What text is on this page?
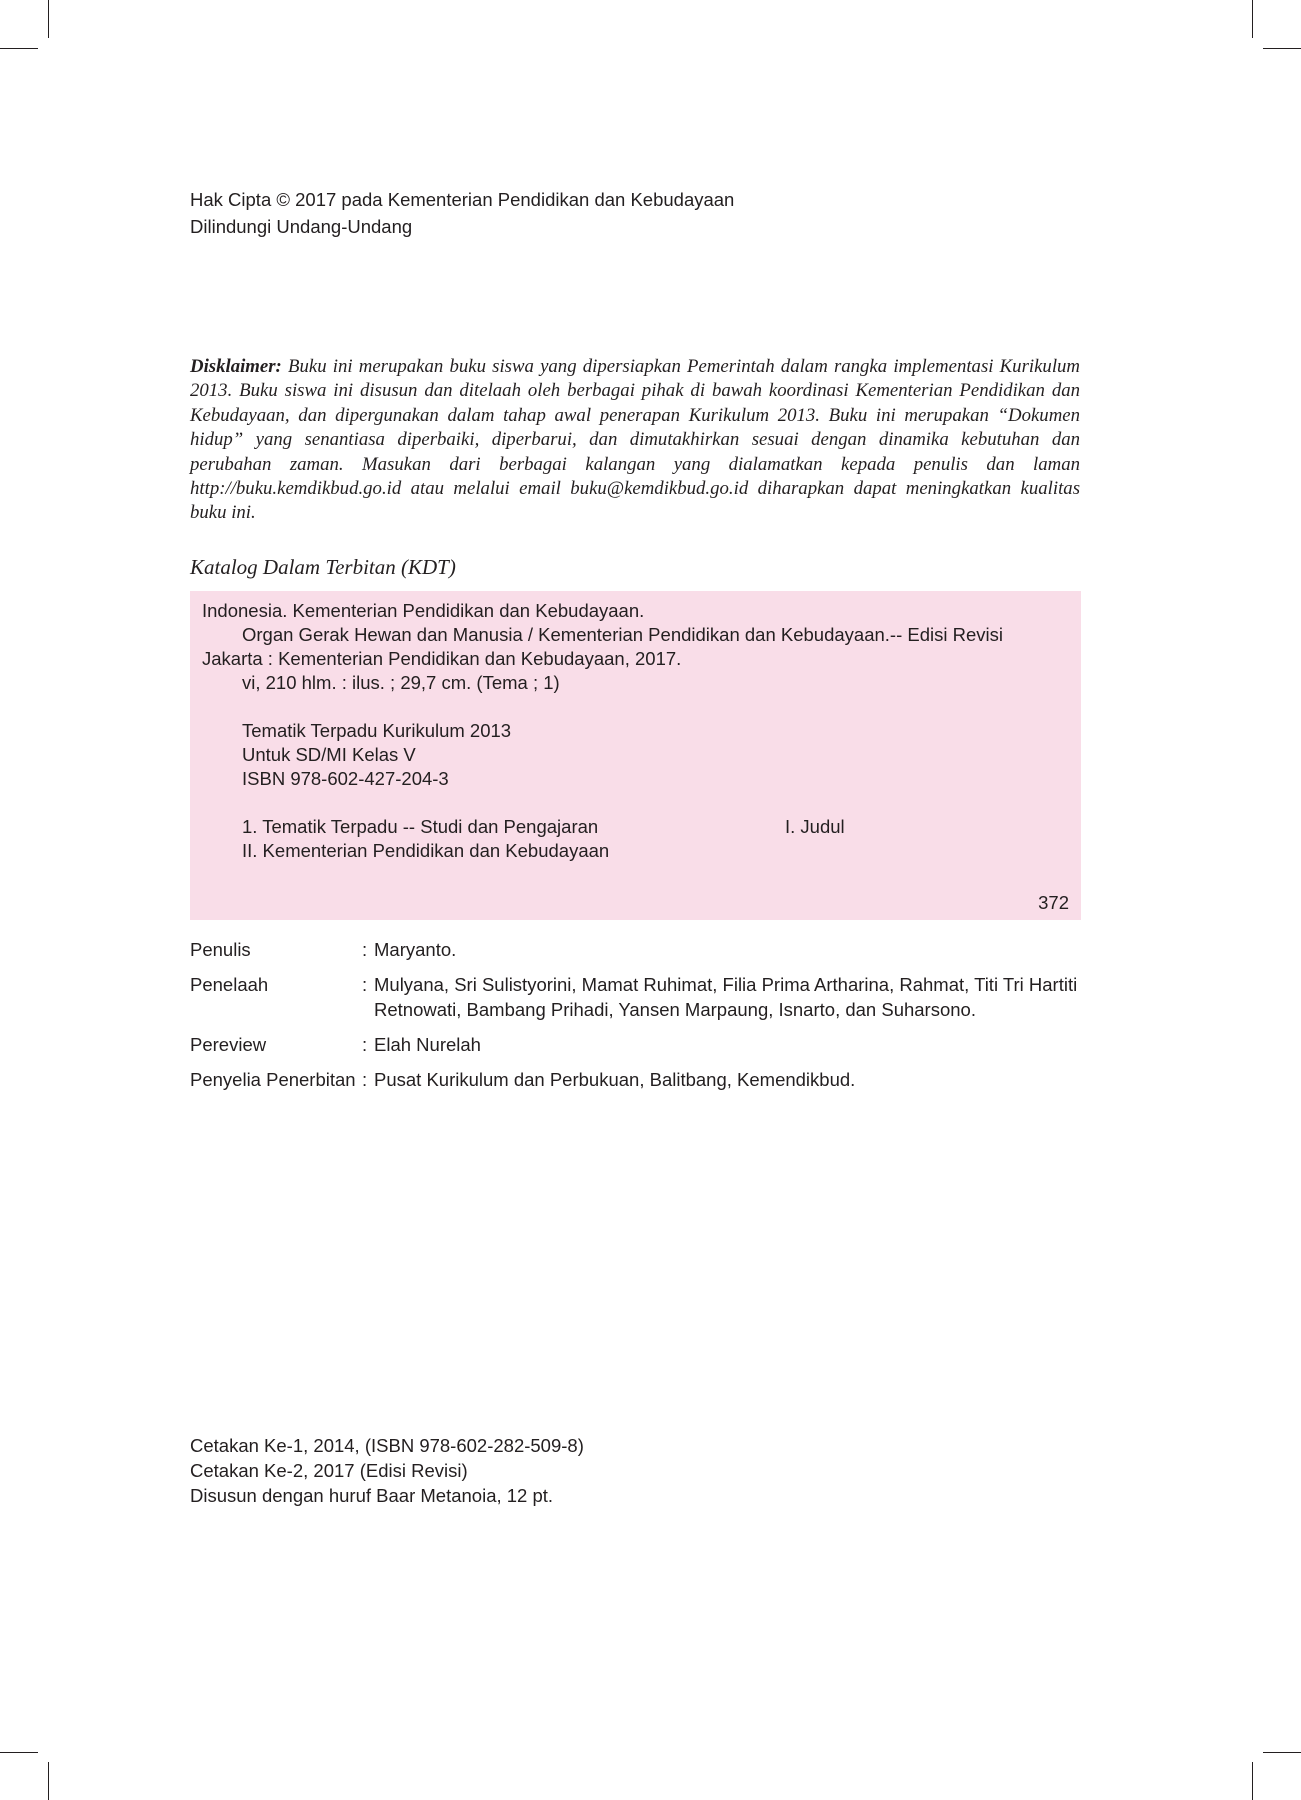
Hak Cipta © 2017 pada Kementerian Pendidikan dan Kebudayaan
Dilindungi Undang-Undang
Disklaimer: Buku ini merupakan buku siswa yang dipersiapkan Pemerintah dalam rangka implementasi Kurikulum 2013. Buku siswa ini disusun dan ditelaah oleh berbagai pihak di bawah koordinasi Kementerian Pendidikan dan Kebudayaan, dan dipergunakan dalam tahap awal penerapan Kurikulum 2013. Buku ini merupakan “Dokumen hidup” yang senantiasa diperbaiki, diperbarui, dan dimutakhirkan sesuai dengan dinamika kebutuhan dan perubahan zaman. Masukan dari berbagai kalangan yang dialamatkan kepada penulis dan laman http://buku.kemdikbud.go.id atau melalui email buku@kemdikbud.go.id diharapkan dapat meningkatkan kualitas buku ini.
Katalog Dalam Terbitan (KDT)
Indonesia. Kementerian Pendidikan dan Kebudayaan.
Organ Gerak Hewan dan Manusia / Kementerian Pendidikan dan Kebudayaan.-- Edisi Revisi
Jakarta : Kementerian Pendidikan dan Kebudayaan, 2017.
vi, 210 hlm. : ilus. ; 29,7 cm. (Tema ; 1)
Tematik Terpadu Kurikulum 2013
Untuk SD/MI Kelas V
ISBN 978-602-427-204-3
1. Tematik Terpadu -- Studi dan Pengajaran	I. Judul
II. Kementerian Pendidikan dan Kebudayaan
372
Penulis	: Maryanto.
Penelaah	: Mulyana, Sri Sulistyorini, Mamat Ruhimat, Filia Prima Artharina, Rahmat, Titi Tri Hartiti Retnowati, Bambang Prihadi, Yansen Marpaung, Isnarto, dan Suharsono.
Pereview	: Elah Nurelah
Penyelia Penerbitan : Pusat Kurikulum dan Perbukuan, Balitbang, Kemendikbud.
Cetakan Ke-1, 2014, (ISBN 978-602-282-509-8)
Cetakan Ke-2, 2017 (Edisi Revisi)
Disusun dengan huruf Baar Metanoia, 12 pt.
